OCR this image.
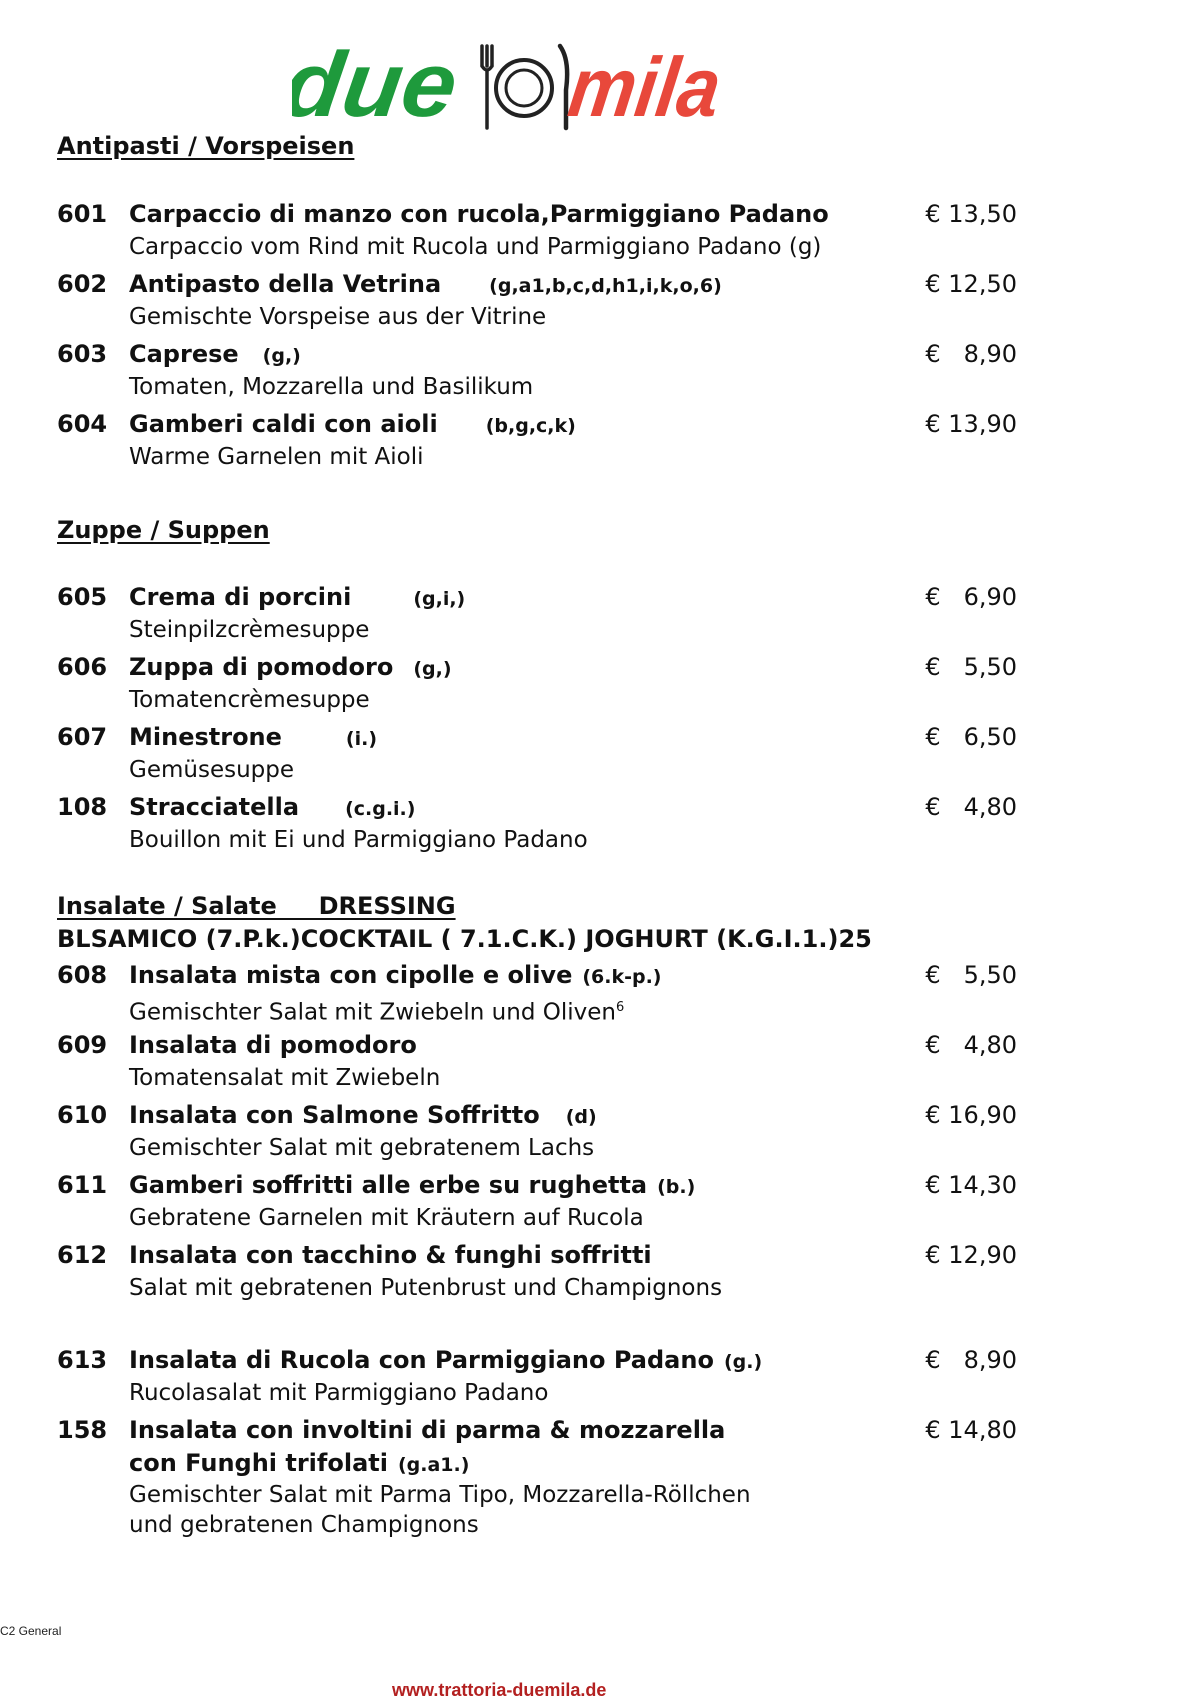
due mila
Antipasti / Vorspeisen
Zuppe / Suppen
Insalate / Salate     DRESSING
BLSAMICO (7.P.k.)COCKTAIL ( 7.1.C.K.) JOGHURT (K.G.I.1.)25
601 Carpaccio di manzo con rucola,Parmiggiano Padano	€ 13,50
Carpaccio vom Rind mit Rucola und Parmiggiano Padano (g)
602 Antipasto della Vetrina	(g,a1,b,c,d,h1,i,k,o,6)	€ 12,50
Gemischte Vorspeise aus der Vitrine
603 Caprese (g,)	€   8,90
Tomaten, Mozzarella und Basilikum
604 Gamberi caldi con aioli	(b,g,c,k)	€ 13,90
Warme Garnelen mit Aioli
605 Crema di porcini	(g,i,)	€   6,90
Steinpilzcrèmesuppe
606 Zuppa di pomodoro (g,)	€   5,50
Tomatencrèmesuppe
607 Minestrone	(i.)	€   6,50
Gemüsesuppe
108 Stracciatella (c.g.i.)	€   4,80
Bouillon mit Ei und Parmiggiano Padano
608 Insalata mista con cipolle e olive (6.k-p.)	€   5,50
Gemischter Salat mit Zwiebeln und Oliven$^6$
609 Insalata di pomodoro	€   4,80
Tomatensalat mit Zwiebeln
610 Insalata con Salmone Soffritto (d)	€ 16,90
Gemischter Salat mit gebratenem Lachs
611 Gamberi soffritti alle erbe su rughetta (b.)	€ 14,30
Gebratene Garnelen mit Kräutern auf Rucola
612 Insalata con tacchino & funghi soffritti	€ 12,90
Salat mit gebratenen Putenbrust und Champignons
613 Insalata di Rucola con Parmiggiano Padano (g.)	€   8,90
Rucolasalat mit Parmiggiano Padano
158 Insalata con involtini di parma & mozzarella	€ 14,80
con Funghi trifolati (g.a1.)
Gemischter Salat mit Parma Tipo, Mozzarella-Röllchen
und gebratenen Champignons
C2 General
www.trattoria-duemila.de
